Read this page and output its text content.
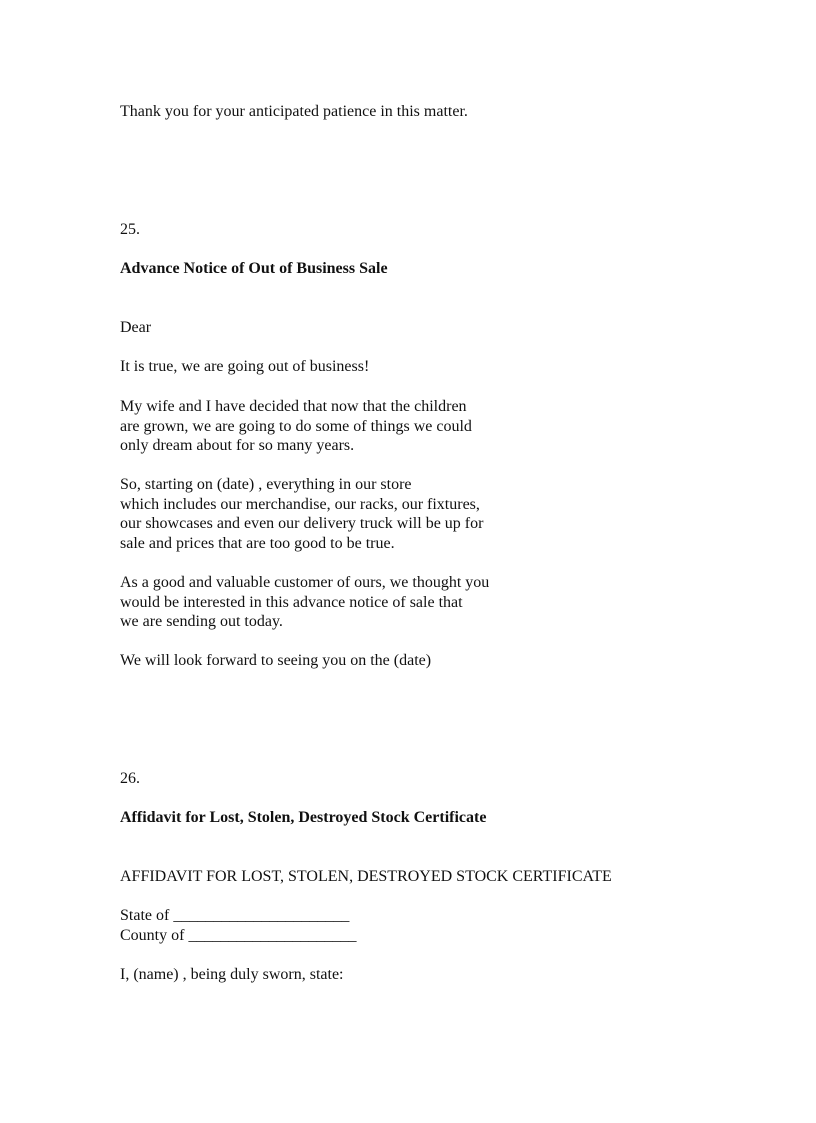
Thank you for your anticipated patience in this matter.

25.

Advance Notice of Out of Business Sale

Dear

It is true, we are going out of business!

My wife and I have decided that now that the children

are grown, we are going to do some of things we could

only dream about for so many years.

So, starting on (date) , everything in our store

which includes our merchandise, our racks, our fixtures,

our showcases and even our delivery truck will be up for

sale and prices that are too good to be true.

As a good and valuable customer of ours, we thought you

would be interested in this advance notice of sale that

we are sending out today.

We will look forward to seeing you on the (date)

26.

Affidavit for Lost, Stolen, Destroyed Stock Certificate

AFFIDAVIT FOR LOST, STOLEN, DESTROYED STOCK CERTIFICATE

State of ______________________

County of _____________________

I, (name) , being duly sworn, state:
